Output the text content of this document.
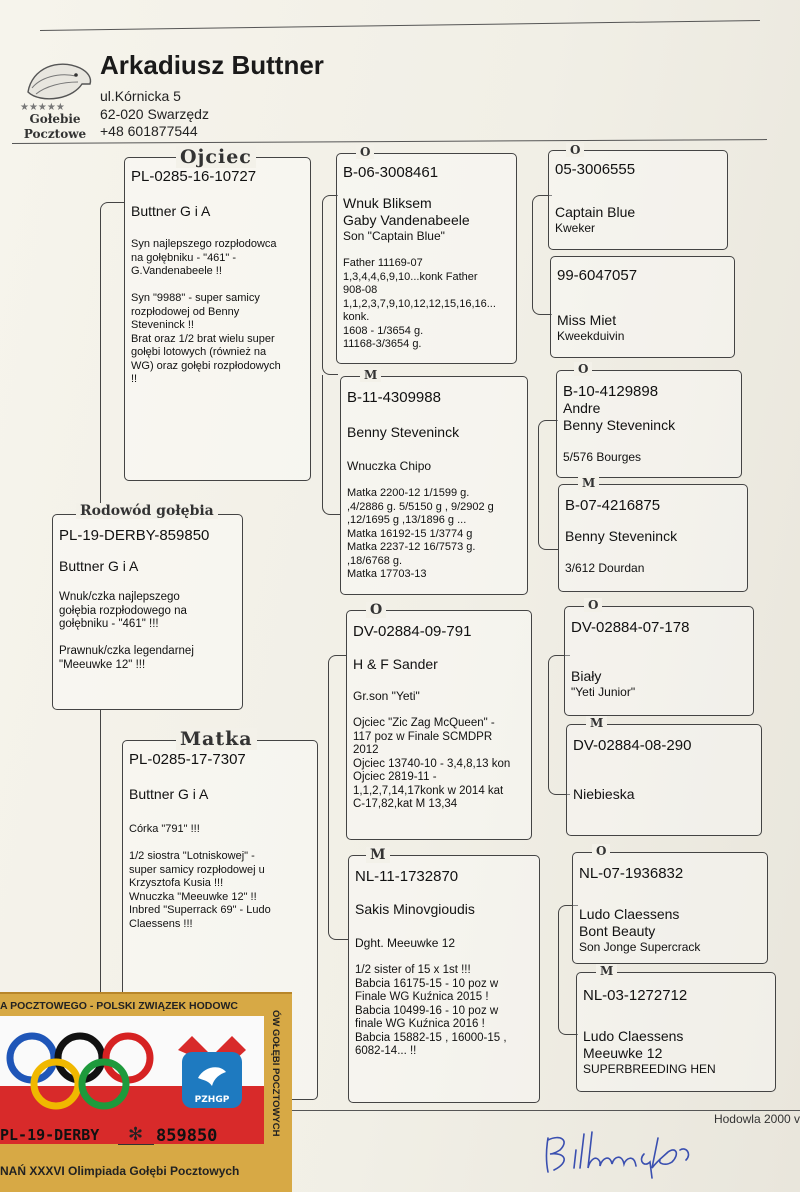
★★★★★
Gołebie
Pocztowe
Arkadiusz Buttner
ul.Kórnicka 5
62-020 Swarzędz
+48 601877544
PL-19-DERBY-859850
Buttner G i A
Wnuk/czka najlepszego
gołębia rozpłodowego na
gołębniku - "461" !!!

Prawnuk/czka legendarnej
"Meeuwke 12" !!!
Rodowód gołębia
PL-0285-16-10727
Buttner G i A
Syn najlepszego rozpłodowca
na gołębniku - "461" -
G.Vandenabeele !!

Syn "9988" - super samicy
rozpłodowej od Benny
Steveninck !!
Brat oraz 1/2 brat wielu super
gołębi lotowych (również na
WG) oraz gołębi rozpłodowych
!!
Ojciec
PL-0285-17-7307
Buttner G i A
Córka "791" !!!

1/2 siostra "Lotniskowej" -
super samicy rozpłodowej u
Krzysztofa Kusia !!!
Wnuczka "Meeuwke 12" !!
Inbred "Superrack 69" - Ludo
Claessens !!!
Matka
B-06-3008461
Wnuk Bliksem
Gaby Vandenabeele
Son "Captain Blue"
Father 11169-07
1,3,4,4,6,9,10...konk Father
908-08
1,1,2,3,7,9,10,12,12,15,16,16...
konk.
1608 - 1/3654 g.
11168-3/3654 g.
O
B-11-4309988
Benny Steveninck
Wnuczka Chipo
Matka 2200-12 1/1599 g.
,4/2886 g. 5/5150 g , 9/2902 g
,12/1695 g ,13/1896 g ...
Matka 16192-15 1/3774 g
Matka 2237-12 16/7573 g.
,18/6768 g.
Matka 17703-13
M
DV-02884-09-791
H & F Sander
Gr.son "Yeti"
Ojciec "Zic Zag McQueen" -
117 poz w Finale SCMDPR
2012
Ojciec 13740-10 - 3,4,8,13 kon
Ojciec 2819-11 -
1,1,2,7,14,17konk w 2014 kat
C-17,82,kat M 13,34
O
NL-11-1732870
Sakis Minovgioudis
Dght. Meeuwke 12
1/2 sister of 15 x 1st !!!
Babcia 16175-15 - 10 poz w
Finale WG Kuźnica 2015 !
Babcia 10499-16 - 10 poz w
finale WG Kuźnica 2016 !
Babcia 15882-15 , 16000-15 ,
6082-14... !!
M
05-3006555
Captain Blue
Kweker
O
99-6047057
Miss Miet
Kweekduivin
B-10-4129898
Andre
Benny Steveninck
5/576 Bourges
O
B-07-4216875
Benny Steveninck
3/612 Dourdan
M
DV-02884-07-178
Biały
"Yeti Junior"
O
DV-02884-08-290
Niebieska
M
NL-07-1936832
Ludo Claessens
Bont Beauty
Son Jonge Supercrack
O
NL-03-1272712
Ludo Claessens
Meeuwke 12
SUPERBREEDING HEN
M
Hodowla 2000 v
A POCZTOWEGO - POLSKI ZWIĄZEK HODOWC
PZHGP	ÓW GOŁĘBI POCZTOWYCH
PL-19-DERBY ✻ 859850
NAŃ XXXVI Olimpiada Gołębi Pocztowych
